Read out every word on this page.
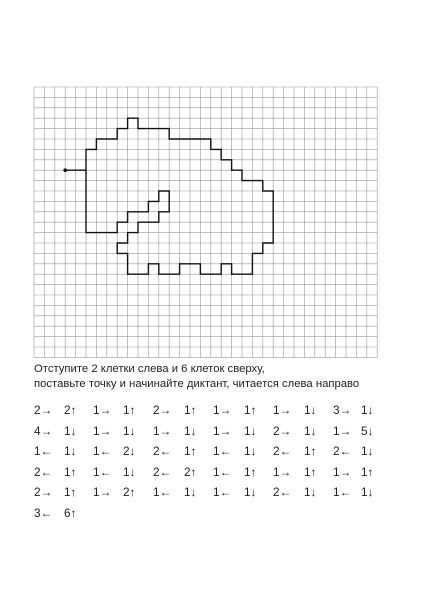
Отступите 2 клетки слева и 6 клеток сверху,
поставьте точку и начинайте диктант, читается слева направо
2→ 2↑ 1→ 1↑ 2→ 1↑ 1→ 1↑ 1→ 1↓ 3→ 1↓
4→ 1↓ 1→ 1↓ 1→ 1↓ 1→ 1↓ 2→ 1↓ 1→ 5↓
1← 1↓ 1← 2↓ 2← 1↑ 1← 1↓ 2← 1↑ 2← 1↓
2← 1↑ 1← 1↓ 2← 2↑ 1← 1↑ 1→ 1↑ 1→ 1↑
2→ 1↑ 1→ 2↑ 1← 1↓ 1← 1↓ 2← 1↓ 1← 1↓
3← 6↑
